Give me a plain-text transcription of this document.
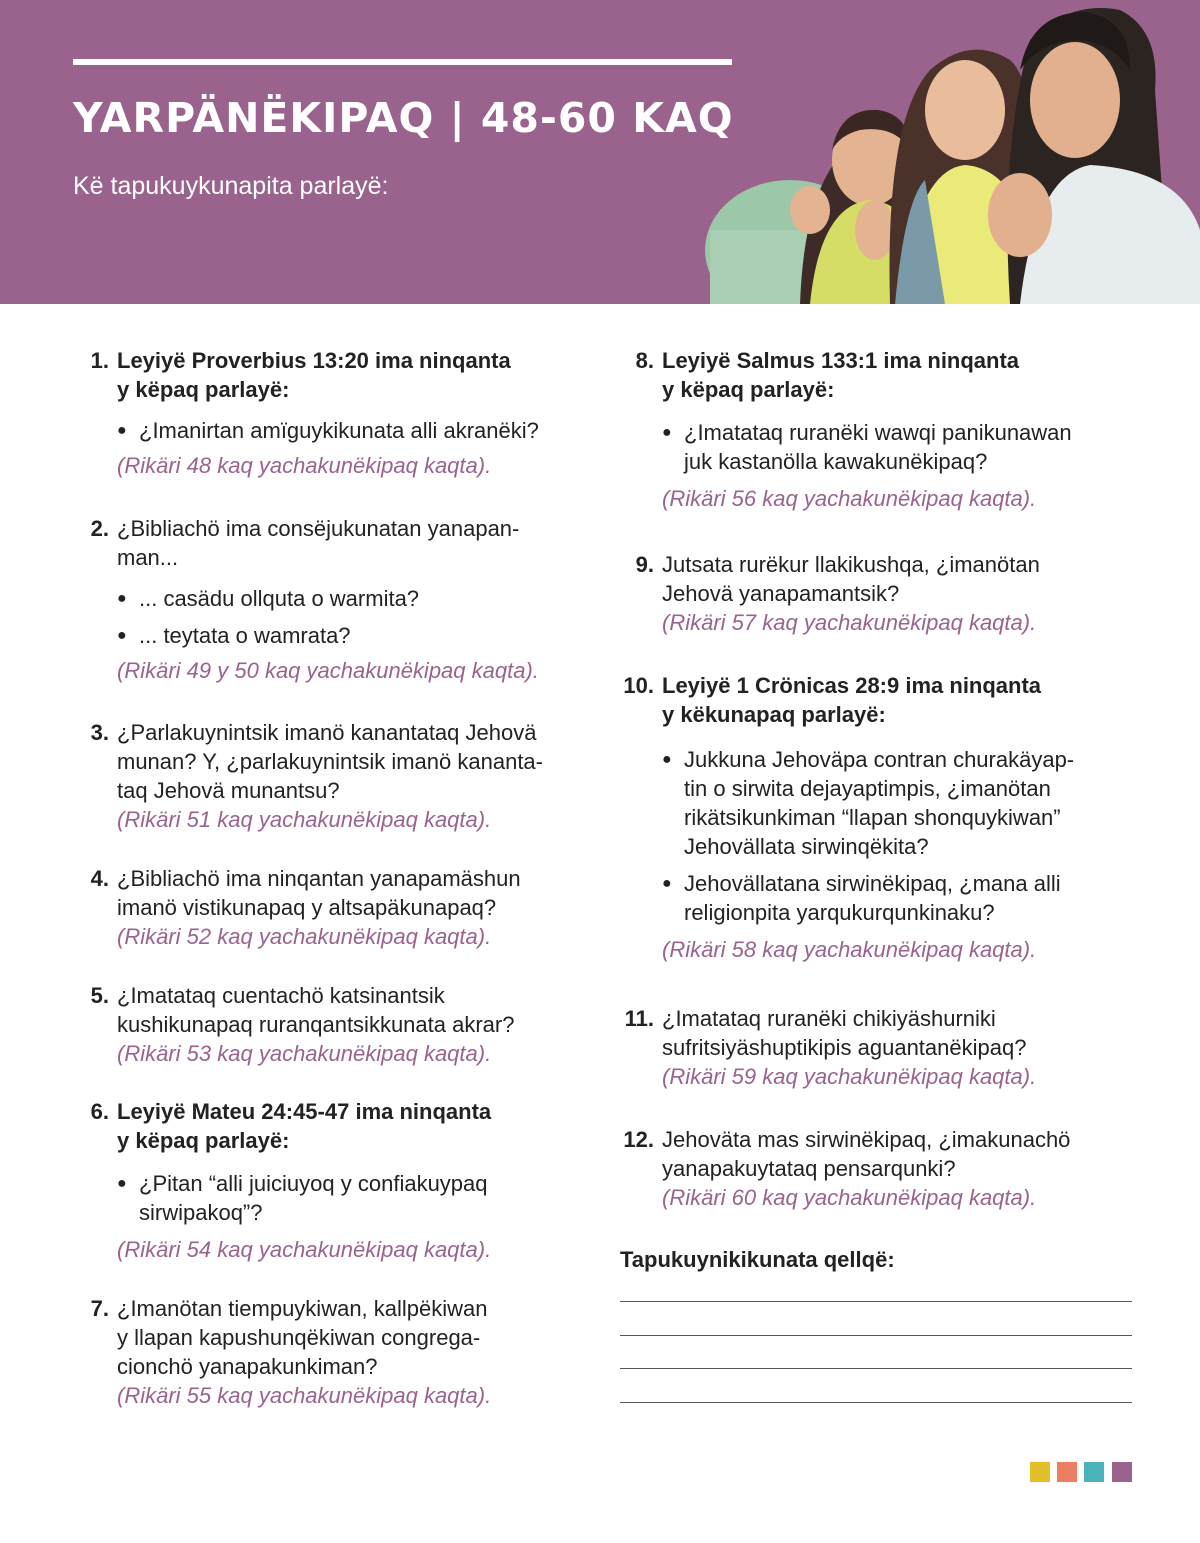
YARPÄNËKIPAQ | 48-60 KAQ
Kë tapukuykunapita parlayë:
1. Leyiyë Proverbius 13:20 ima ninqanta
y këpaq parlayë:
● ¿Imanirtan amïguykikunata alli akranëki?
(Rikäri 48 kaq yachakunëkipaq kaqta).
2. ¿Bibliachö ima consëjukunatan yanapan-
man...
● ... casädu ollquta o warmita?
● ... teytata o wamrata?
(Rikäri 49 y 50 kaq yachakunëkipaq kaqta).
3. ¿Parlakuynintsik imanö kanantataq Jehovä
munan? Y, ¿parlakuynintsik imanö kananta-
taq Jehovä munantsu?
(Rikäri 51 kaq yachakunëkipaq kaqta).
4. ¿Bibliachö ima ninqantan yanapamäshun
imanö vistikunapaq y altsapäkunapaq?
(Rikäri 52 kaq yachakunëkipaq kaqta).
5. ¿Imatataq cuentachö katsinantsik
kushikunapaq ruranqantsikkunata akrar?
(Rikäri 53 kaq yachakunëkipaq kaqta).
6. Leyiyë Mateu 24:45-47 ima ninqanta
y këpaq parlayë:
● ¿Pitan “alli juiciuyoq y confiakuypaq
sirwipakoq”?
(Rikäri 54 kaq yachakunëkipaq kaqta).
7. ¿Imanötan tiempuykiwan, kallpëkiwan
y llapan kapushunqëkiwan congrega-
cionchö yanapakunkiman?
(Rikäri 55 kaq yachakunëkipaq kaqta).
8. Leyiyë Salmus 133:1 ima ninqanta
y këpaq parlayë:
● ¿Imatataq ruranëki wawqi panikunawan
juk kastanölla kawakunëkipaq?
(Rikäri 56 kaq yachakunëkipaq kaqta).
9. Jutsata rurëkur llakikushqa, ¿imanötan
Jehovä yanapamantsik?
(Rikäri 57 kaq yachakunëkipaq kaqta).
10. Leyiyë 1 Crönicas 28:9 ima ninqanta
y këkunapaq parlayë:
● Jukkuna Jehoväpa contran churakäyap-
tin o sirwita dejayaptimpis, ¿imanötan
rikätsikunkiman “llapan shonquykiwan”
Jehovällata sirwinqëkita?
● Jehovällatana sirwinëkipaq, ¿mana alli
religionpita yarqukurqunkinaku?
(Rikäri 58 kaq yachakunëkipaq kaqta).
11. ¿Imatataq ruranëki chikiyäshurniki
sufritsiyäshuptikipis aguantanëkipaq?
(Rikäri 59 kaq yachakunëkipaq kaqta).
12. Jehoväta mas sirwinëkipaq, ¿imakunachö
yanapakuytataq pensarqunki?
(Rikäri 60 kaq yachakunëkipaq kaqta).
Tapukuynikikunata qellqë:
